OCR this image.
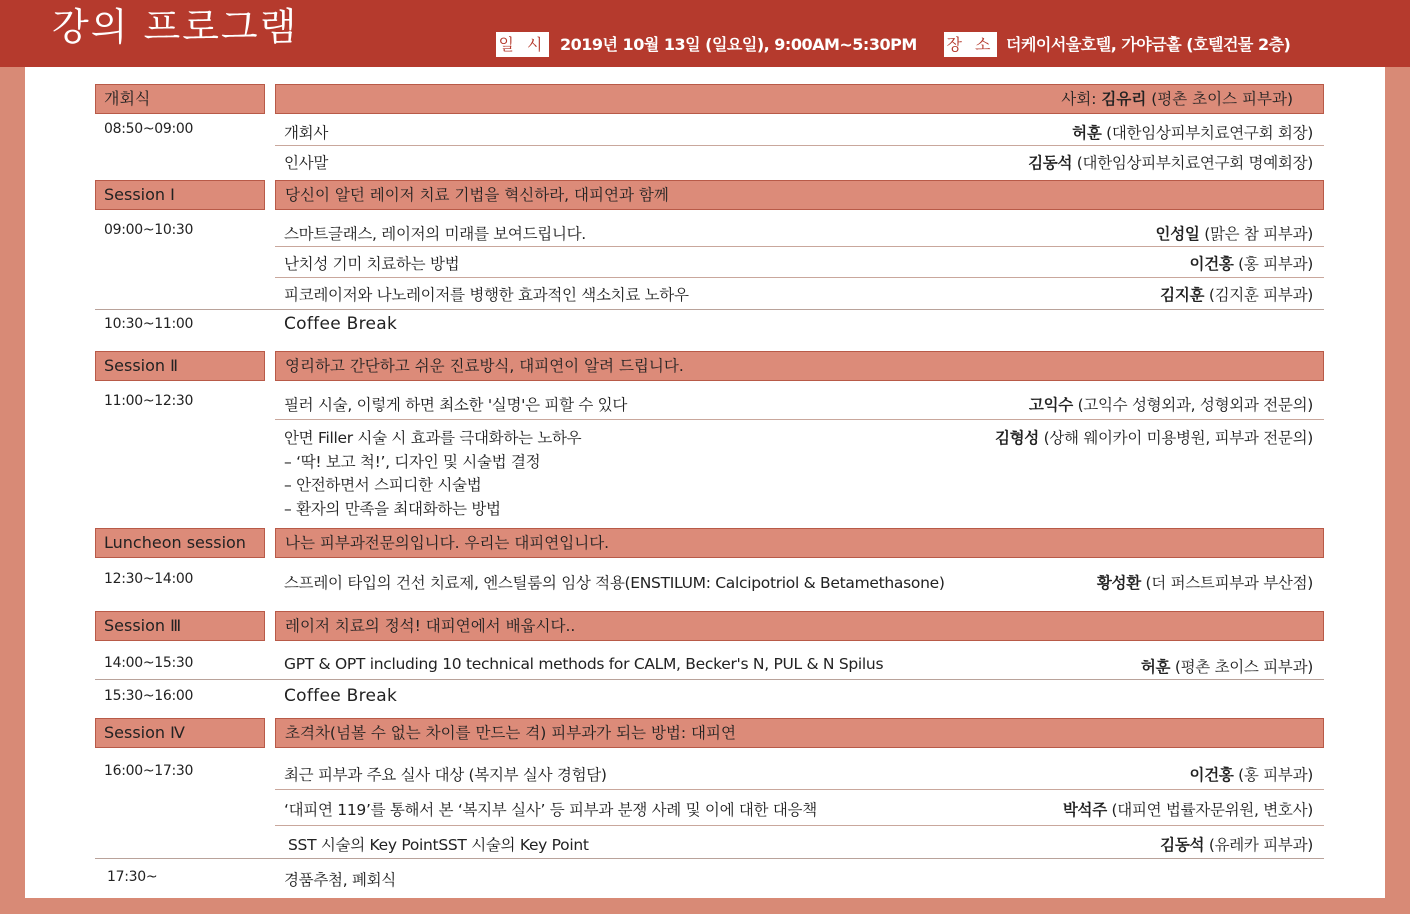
강의 프로그램	일 시 2019년 10월 13일 (일요일), 9:00AM~5:30PM 장 소 더케이서울호텔, 가야금홀 (호텔건물 2층)
개회식	사회: 김유리 (평촌 초이스 피부과)
08:50~09:00	개회사	허훈 (대한임상피부치료연구회 회장)
인사말	김동석 (대한임상피부치료연구회 명예회장)
Session Ⅰ	당신이 알던 레이저 치료 기법을 혁신하라, 대피연과 함께
09:00~10:30	스마트글래스, 레이저의 미래를 보여드립니다.	인성일 (맑은 참 피부과)
난치성 기미 치료하는 방법	이건홍 (홍 피부과)
피코레이저와 나노레이저를 병행한 효과적인 색소치료 노하우	김지훈 (김지훈 피부과)
10:30~11:00	Coffee Break
Session Ⅱ	영리하고 간단하고 쉬운 진료방식, 대피연이 알려 드립니다.
11:00~12:30	필러 시술, 이렇게 하면 최소한 '실명'은 피할 수 있다	고익수 (고익수 성형외과, 성형외과 전문의)
안면 Filler 시술 시 효과를 극대화하는 노하우	김형성 (상해 웨이카이 미용병원, 피부과 전문의)
– ‘딱! 보고 척!’, 디자인 및 시술법 결정
– 안전하면서 스피디한 시술법
– 환자의 만족을 최대화하는 방법
Luncheon session	나는 피부과전문의입니다. 우리는 대피연입니다.
12:30~14:00	스프레이 타입의 건선 치료제, 엔스틸룸의 임상 적용(ENSTILUM: Calcipotriol & Betamethasone)	황성환 (더 퍼스트피부과 부산점)
Session Ⅲ	레이저 치료의 정석! 대피연에서 배웁시다..
14:00~15:30	GPT & OPT including 10 technical methods for CALM, Becker's N, PUL & N Spilus	허훈 (평촌 초이스 피부과)
15:30~16:00	Coffee Break
Session Ⅳ	초격차(넘볼 수 없는 차이를 만드는 격) 피부과가 되는 방법: 대피연
16:00~17:30	최근 피부과 주요 실사 대상 (복지부 실사 경험담)	이건홍 (홍 피부과)
‘대피연 119’를 통해서 본 ‘복지부 실사’ 등 피부과 분쟁 사례 및 이에 대한 대응책	박석주 (대피연 법률자문위원, 변호사)
SST 시술의 Key PointSST 시술의 Key Point	김동석 (유레카 피부과)
17:30~	경품추첨, 폐회식
